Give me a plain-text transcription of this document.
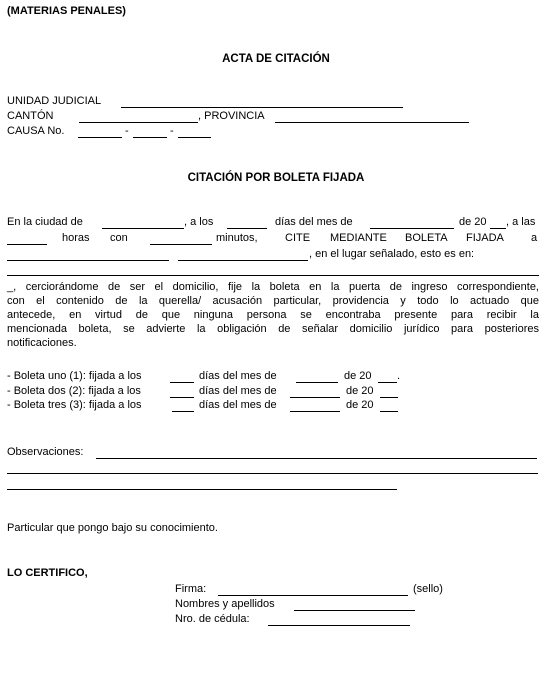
(MATERIAS PENALES)
ACTA DE CITACIÓN
UNIDAD JUDICIAL
CANTÓN	, PROVINCIA
CAUSA No.	-	-
CITACIÓN POR BOLETA FIJADA
En la ciudad de	, a los	días del mes de	de 20 , a las
horas con	minutos, CITE MEDIANTE BOLETA FIJADA a
, en el lugar señalado, esto es en:

_, cerciorándome de ser el domicilio, fije la boleta en la puerta de ingreso correspondiente,

con el contenido de la querella/ acusación particular, providencia y todo lo actuado que

antecede, en virtud de que ninguna persona se encontraba presente para recibir la

mencionada boleta, se advierte la obligación de señalar domicilio jurídico para posteriores

notificaciones.

- Boleta uno (1): fijada a los	días del mes de	de 20 .
- Boleta dos (2): fijada a los	días del mes de	de 20
- Boleta tres (3): fijada a los	días del mes de	de 20
Observaciones:
Particular que pongo bajo su conocimiento.
LO CERTIFICO,
Firma:	(sello)
Nombres y apellidos
Nro. de cédula:
